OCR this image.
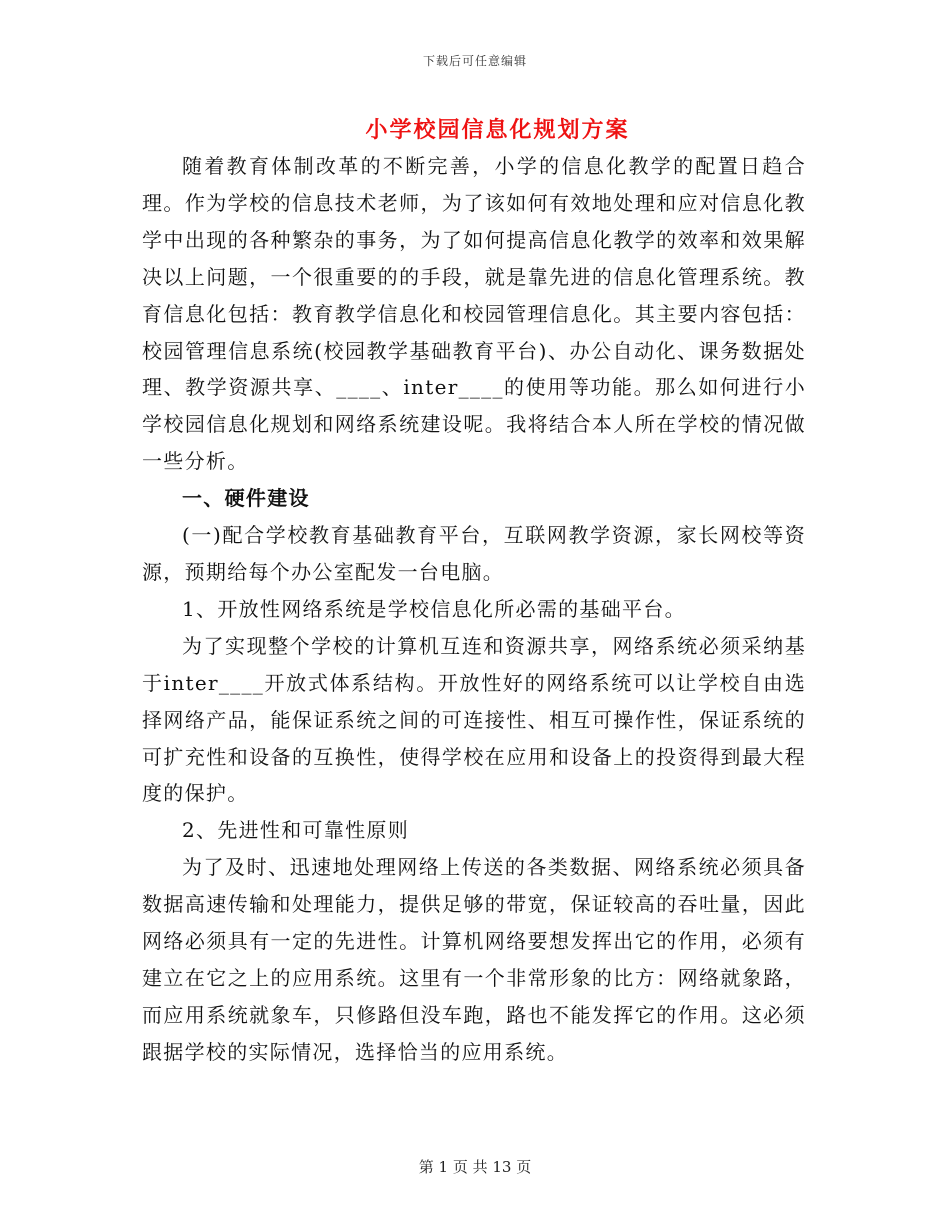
下载后可任意编辑
小学校园信息化规划方案

随着教育体制改革的不断完善，小学的信息化教学的配置日趋合理。作为学校的信息技术老师，为了该如何有效地处理和应对信息化教学中出现的各种繁杂的事务，为了如何提高信息化教学的效率和效果解决以上问题，一个很重要的的手段，就是靠先进的信息化管理系统。教育信息化包括：教育教学信息化和校园管理信息化。其主要内容包括：校园管理信息系统(校园教学基础教育平台)、办公自动化、课务数据处理、教学资源共享、____、inter____的使用等功能。那么如何进行小学校园信息化规划和网络系统建设呢。我将结合本人所在学校的情况做一些分析。

一、硬件建设

(一)配合学校教育基础教育平台，互联网教学资源，家长网校等资源，预期给每个办公室配发一台电脑。

1、开放性网络系统是学校信息化所必需的基础平台。

为了实现整个学校的计算机互连和资源共享，网络系统必须采纳基于inter____开放式体系结构。开放性好的网络系统可以让学校自由选择网络产品，能保证系统之间的可连接性、相互可操作性，保证系统的可扩充性和设备的互换性，使得学校在应用和设备上的投资得到最大程度的保护。

2、先进性和可靠性原则

为了及时、迅速地处理网络上传送的各类数据、网络系统必须具备数据高速传输和处理能力，提供足够的带宽，保证较高的吞吐量，因此网络必须具有一定的先进性。计算机网络要想发挥出它的作用，必须有建立在它之上的应用系统。这里有一个非常形象的比方：网络就象路，而应用系统就象车，只修路但没车跑，路也不能发挥它的作用。这必须跟据学校的实际情况，选择恰当的应用系统。

第 1 页 共 13 页
